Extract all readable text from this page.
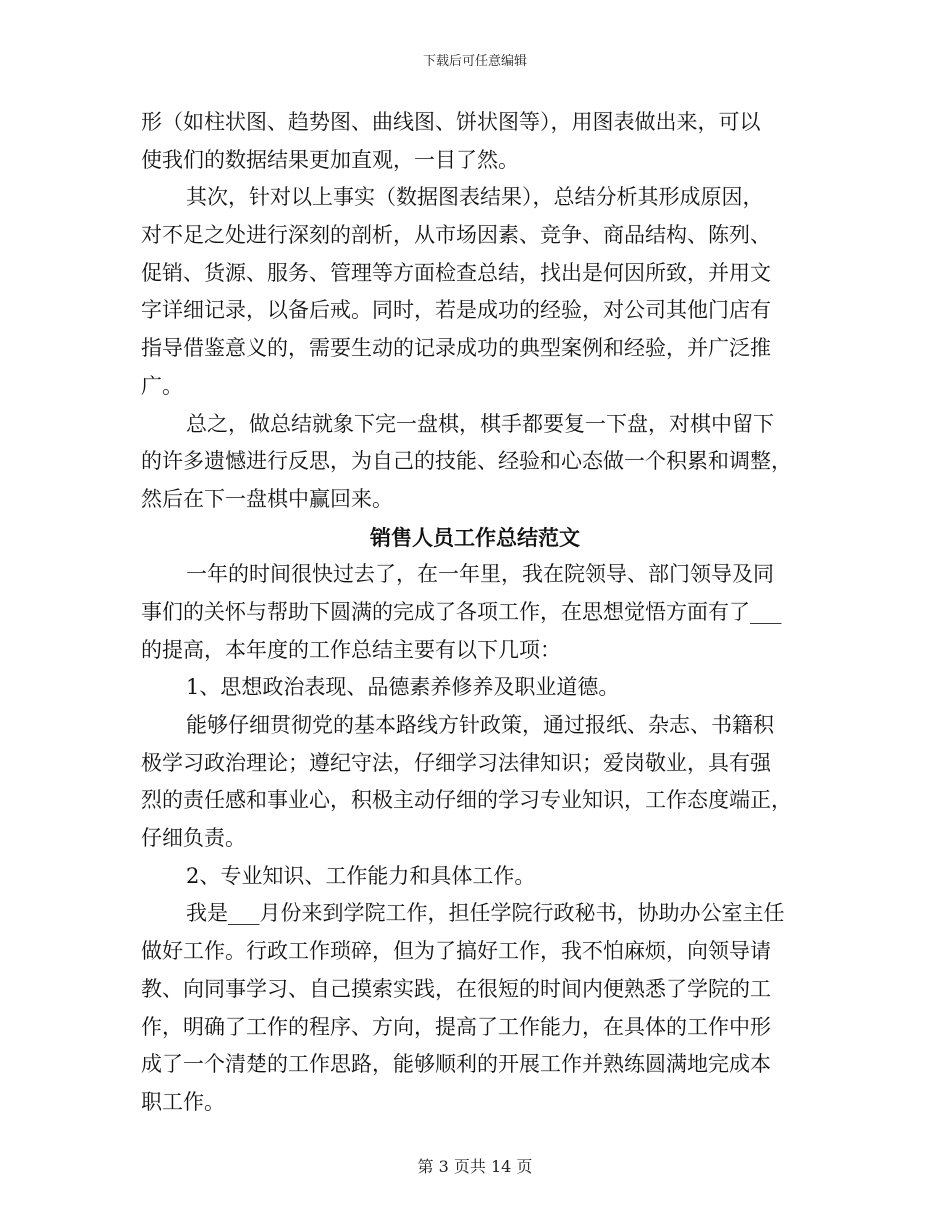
下载后可任意编辑
形（如柱状图、趋势图、曲线图、饼状图等），用图表做出来，可以
使我们的数据结果更加直观，一目了然。
其次，针对以上事实（数据图表结果），总结分析其形成原因，
对不足之处进行深刻的剖析，从市场因素、竞争、商品结构、陈列、
促销、货源、服务、管理等方面检查总结，找出是何因所致，并用文
字详细记录，以备后戒。同时，若是成功的经验，对公司其他门店有
指导借鉴意义的，需要生动的记录成功的典型案例和经验，并广泛推
广。
总之，做总结就象下完一盘棋，棋手都要复一下盘，对棋中留下
的许多遗憾进行反思，为自己的技能、经验和心态做一个积累和调整，
然后在下一盘棋中赢回来。
销售人员工作总结范文
一年的时间很快过去了，在一年里，我在院领导、部门领导及同
事们的关怀与帮助下圆满的完成了各项工作，在思想觉悟方面有了___
的提高，本年度的工作总结主要有以下几项：
1、思想政治表现、品德素养修养及职业道德。
能够仔细贯彻党的基本路线方针政策，通过报纸、杂志、书籍积
极学习政治理论；遵纪守法，仔细学习法律知识；爱岗敬业，具有强
烈的责任感和事业心，积极主动仔细的学习专业知识，工作态度端正，
仔细负责。
2、专业知识、工作能力和具体工作。
我是___月份来到学院工作，担任学院行政秘书，协助办公室主任
做好工作。行政工作琐碎，但为了搞好工作，我不怕麻烦，向领导请
教、向同事学习、自己摸索实践，在很短的时间内便熟悉了学院的工
作，明确了工作的程序、方向，提高了工作能力，在具体的工作中形
成了一个清楚的工作思路，能够顺利的开展工作并熟练圆满地完成本
职工作。
第 3 页共 14 页
